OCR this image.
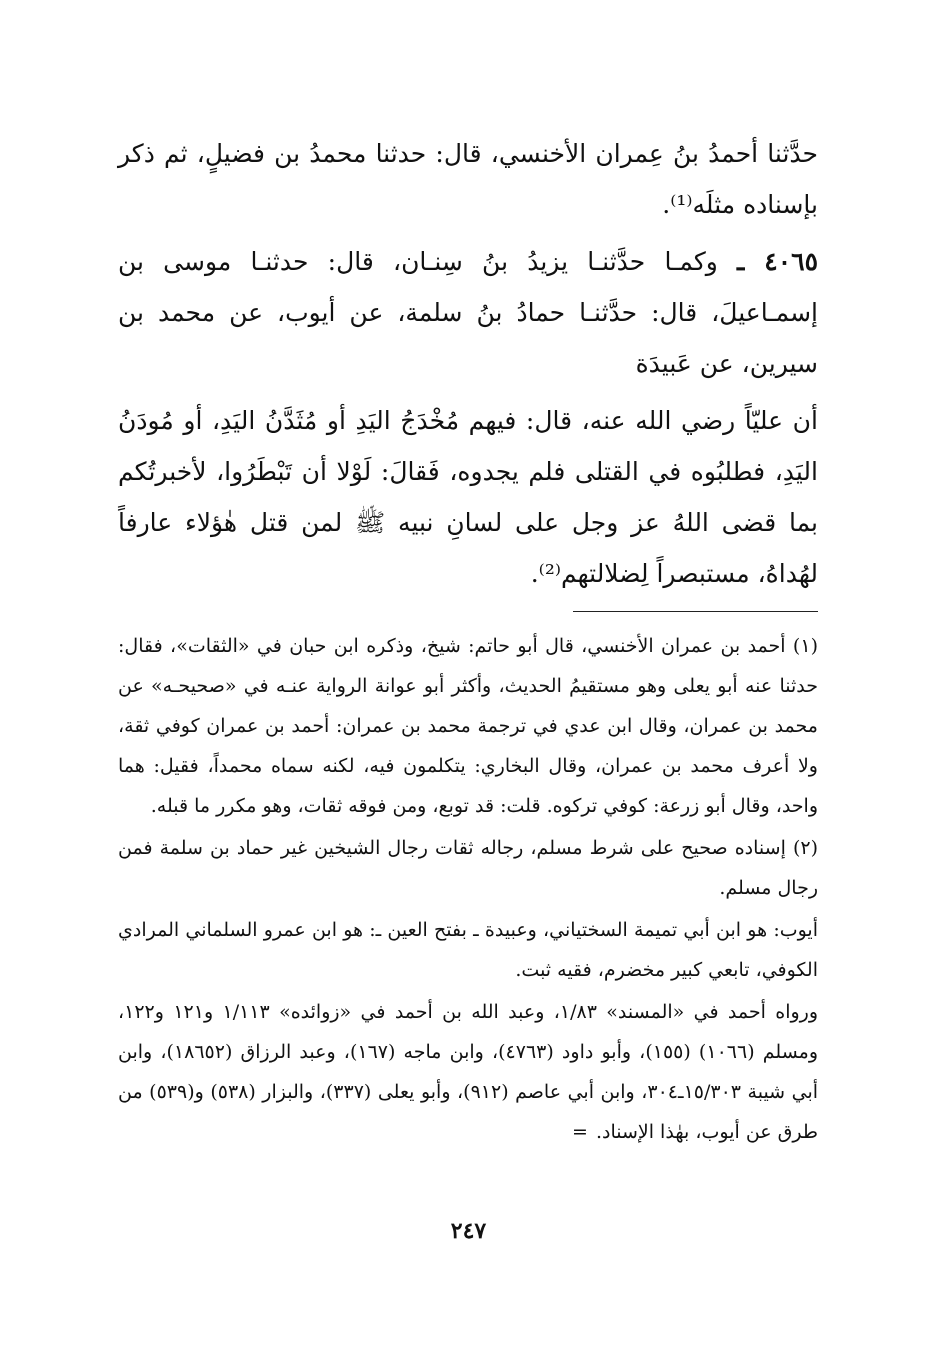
حدَّثنا أحمدُ بنُ عِمران الأخنسي، قال: حدثنا محمدُ بن فضيلٍ، ثم ذكر بإسناده مثلَه⁽¹⁾.

٤٠٦٥ ـ وكمـا حدَّثنـا يزيدُ بنُ سِنـان، قال: حدثنـا موسى بن إسمـاعيلَ، قال: حدَّثنـا حمادُ بنُ سلمة، عن أيوب، عن محمد بن سيرين، عن عَبيدَة

أن عليّاً رضي الله عنه، قال: فيهم مُخْدَجُ اليَدِ أو مُثَدَّنُ اليَدِ، أو مُودَنُ اليَدِ، فطلبُوه في القتلى فلم يجدوه، فَقالَ: لَوْلا أن تَبْطَرُوا، لأخبرتُكم بما قضى اللهُ عز وجل على لسانِ نبيه ﷺ لمن قتل هٰؤلاء عارفاً لهُداهُ، مستبصراً لِضلالتهم⁽²⁾.

(١) أحمد بن عمران الأخنسي، قال أبو حاتم: شيخ، وذكره ابن حبان في «الثقات»، فقال: حدثنا عنه أبو يعلى وهو مستقيمُ الحديث، وأكثر أبو عوانة الرواية عنـه في «صحيحـه» عن محمد بن عمران، وقال ابن عدي في ترجمة محمد بن عمران: أحمد بن عمران كوفي ثقة، ولا أعرف محمد بن عمران، وقال البخاري: يتكلمون فيه، لكنه سماه محمداً، فقيل: هما واحد، وقال أبو زرعة: كوفي تركوه. قلت: قد توبع، ومن فوقه ثقات، وهو مكرر ما قبله.

(٢) إسناده صحيح على شرط مسلم، رجاله ثقات رجال الشيخين غير حماد بن سلمة فمن رجال مسلم.

أيوب: هو ابن أبي تميمة السختياني، وعبيدة ـ بفتح العين ـ: هو ابن عمرو السلماني المرادي الكوفي، تابعي كبير مخضرم، فقيه ثبت.

ورواه أحمد في «المسند» ١/٨٣، وعبد الله بن أحمد في «زوائده» ١/١١٣ و١٢١ و١٢٢، ومسلم (١٠٦٦) (١٥٥)، وأبو داود (٤٧٦٣)، وابن ماجه (١٦٧)، وعبد الرزاق (١٨٦٥٢)، وابن أبي شيبة ١٥/٣٠٣ـ٣٠٤، وابن أبي عاصم (٩١٢)، وأبو يعلى (٣٣٧)، والبزار (٥٣٨) و(٥٣٩) من طرق عن أيوب، بهٰذا الإسناد.=

٢٤٧
